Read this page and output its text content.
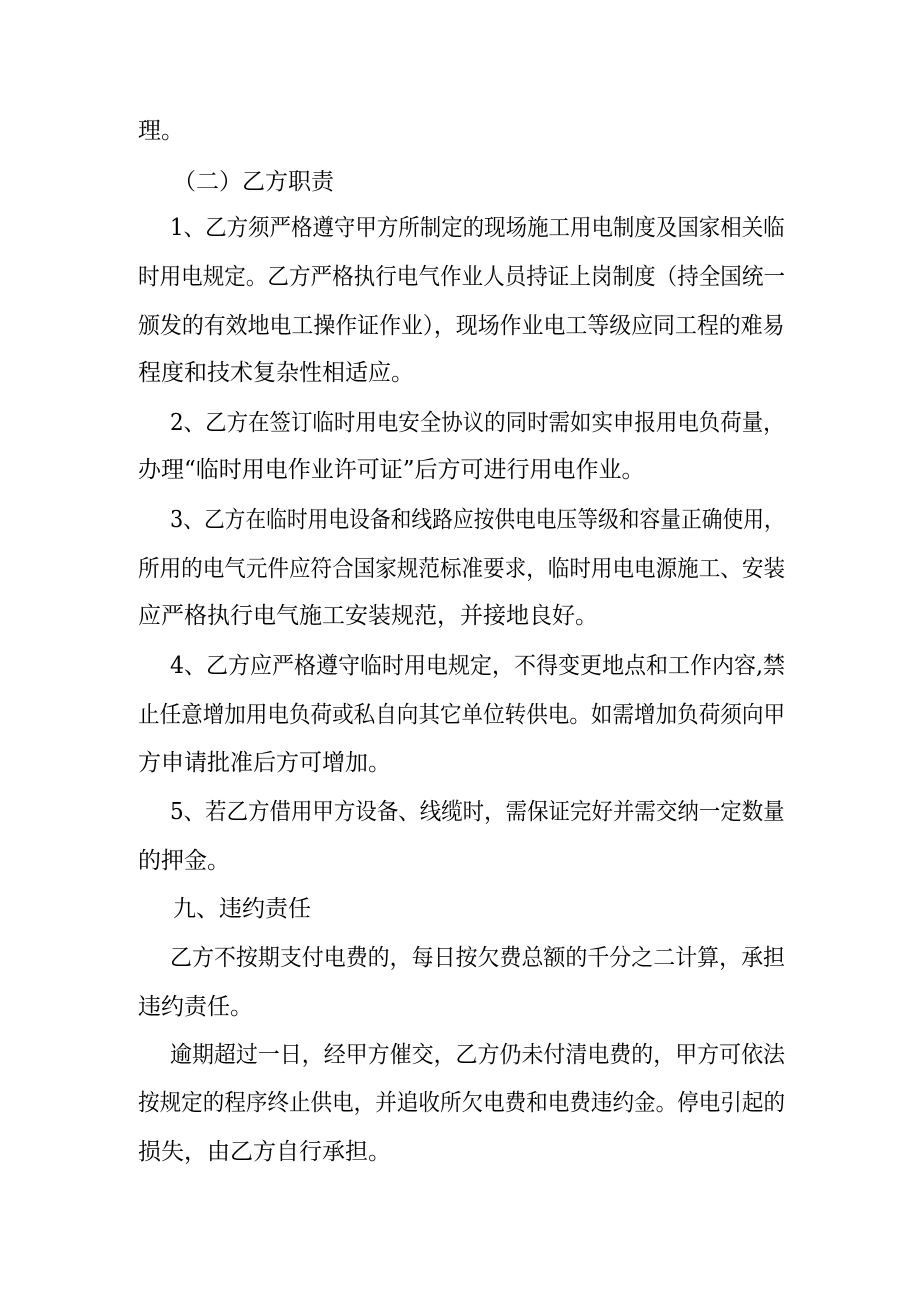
理。

（二）乙方职责

1、乙方须严格遵守甲方所制定的现场施工用电制度及国家相关临

时用电规定。乙方严格执行电气作业人员持证上岗制度（持全国统一

颁发的有效地电工操作证作业），现场作业电工等级应同工程的难易

程度和技术复杂性相适应。

2、乙方在签订临时用电安全协议的同时需如实申报用电负荷量，

办理“临时用电作业许可证”后方可进行用电作业。

3、乙方在临时用电设备和线路应按供电电压等级和容量正确使用，

所用的电气元件应符合国家规范标准要求，临时用电电源施工、安装

应严格执行电气施工安装规范，并接地良好。

4、乙方应严格遵守临时用电规定，不得变更地点和工作内容,禁

止任意增加用电负荷或私自向其它单位转供电。如需增加负荷须向甲

方申请批准后方可增加。

5、若乙方借用甲方设备、线缆时，需保证完好并需交纳一定数量

的押金。

九、违约责任

乙方不按期支付电费的，每日按欠费总额的千分之二计算，承担

违约责任。

逾期超过一日，经甲方催交，乙方仍未付清电费的，甲方可依法

按规定的程序终止供电，并追收所欠电费和电费违约金。停电引起的

损失，由乙方自行承担。
